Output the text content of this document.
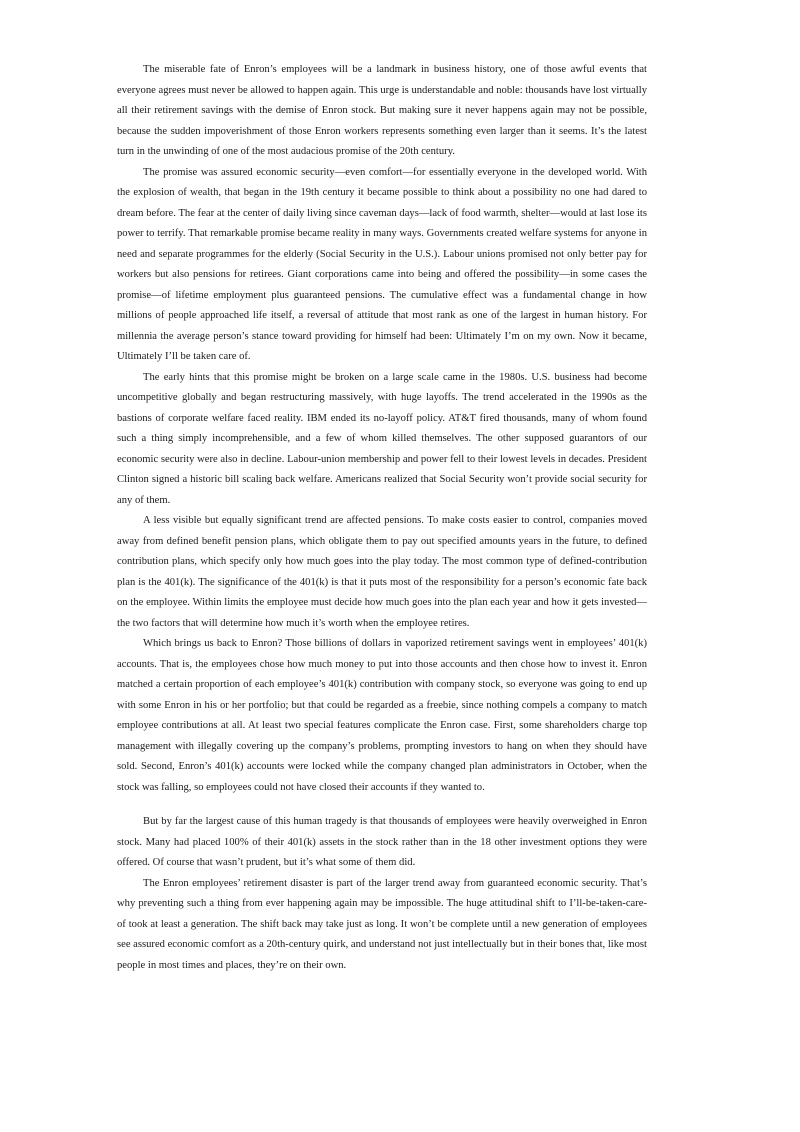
The miserable fate of Enron’s employees will be a landmark in business history, one of those awful events that everyone agrees must never be allowed to happen again. This urge is understandable and noble: thousands have lost virtually all their retirement savings with the demise of Enron stock. But making sure it never happens again may not be possible, because the sudden impoverishment of those Enron workers represents something even larger than it seems. It’s the latest turn in the unwinding of one of the most audacious promise of the 20th century.

The promise was assured economic security—even comfort—for essentially everyone in the developed world. With the explosion of wealth, that began in the 19th century it became possible to think about a possibility no one had dared to dream before. The fear at the center of daily living since caveman days—lack of food warmth, shelter—would at last lose its power to terrify. That remarkable promise became reality in many ways. Governments created welfare systems for anyone in need and separate programmes for the elderly (Social Security in the U.S.). Labour unions promised not only better pay for workers but also pensions for retirees. Giant corporations came into being and offered the possibility—in some cases the promise—of lifetime employment plus guaranteed pensions. The cumulative effect was a fundamental change in how millions of people approached life itself, a reversal of attitude that most rank as one of the largest in human history. For millennia the average person’s stance toward providing for himself had been: Ultimately I’m on my own. Now it became, Ultimately I’ll be taken care of.

The early hints that this promise might be broken on a large scale came in the 1980s. U.S. business had become uncompetitive globally and began restructuring massively, with huge layoffs. The trend accelerated in the 1990s as the bastions of corporate welfare faced reality. IBM ended its no-layoff policy. AT&T fired thousands, many of whom found such a thing simply incomprehensible, and a few of whom killed themselves. The other supposed guarantors of our economic security were also in decline. Labour-union membership and power fell to their lowest levels in decades. President Clinton signed a historic bill scaling back welfare. Americans realized that Social Security won’t provide social security for any of them.

A less visible but equally significant trend are affected pensions. To make costs easier to control, companies moved away from defined benefit pension plans, which obligate them to pay out specified amounts years in the future, to defined contribution plans, which specify only how much goes into the play today. The most common type of defined-contribution plan is the 401(k). The significance of the 401(k) is that it puts most of the responsibility for a person’s economic fate back on the employee. Within limits the employee must decide how much goes into the plan each year and how it gets invested—the two factors that will determine how much it’s worth when the employee retires.

Which brings us back to Enron? Those billions of dollars in vaporized retirement savings went in employees’ 401(k) accounts. That is, the employees chose how much money to put into those accounts and then chose how to invest it. Enron matched a certain proportion of each employee’s 401(k) contribution with company stock, so everyone was going to end up with some Enron in his or her portfolio; but that could be regarded as a freebie, since nothing compels a company to match employee contributions at all. At least two special features complicate the Enron case. First, some shareholders charge top management with illegally covering up the company’s problems, prompting investors to hang on when they should have sold. Second, Enron’s 401(k) accounts were locked while the company changed plan administrators in October, when the stock was falling, so employees could not have closed their accounts if they wanted to.

But by far the largest cause of this human tragedy is that thousands of employees were heavily overweighed in Enron stock. Many had placed 100% of their 401(k) assets in the stock rather than in the 18 other investment options they were offered. Of course that wasn’t prudent, but it’s what some of them did.

The Enron employees’ retirement disaster is part of the larger trend away from guaranteed economic security. That’s why preventing such a thing from ever happening again may be impossible. The huge attitudinal shift to I’ll-be-taken-care-of took at least a generation. The shift back may take just as long. It won’t be complete until a new generation of employees see assured economic comfort as a 20th-century quirk, and understand not just intellectually but in their bones that, like most people in most times and places, they’re on their own.
